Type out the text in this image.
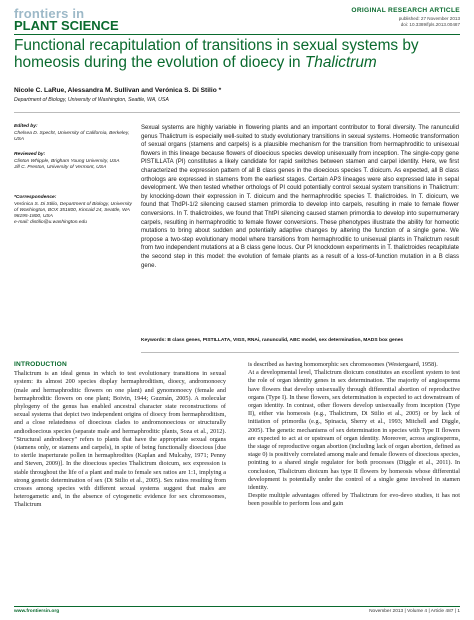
frontiers in
PLANT SCIENCE
ORIGINAL RESEARCH ARTICLE
published: 27 November 2013
doi: 10.3389/fpls.2013.00487
Functional recapitulation of transitions in sexual systems by homeosis during the evolution of dioecy in Thalictrum
Nicole C. LaRue, Alessandra M. Sullivan and Verónica S. Di Stilio *
Department of Biology, University of Washington, Seattle, WA, USA
Edited by:
Chelsea D. Specht, University of California, Berkeley, USA
Reviewed by:
Clinton Whipple, Brigham Young University, USA
Jill C. Preston, University of Vermont, USA
*Correspondence:
Verónica S. Di Stilio, Department of Biology, University of Washington, BOX 351800, Kincaid 24, Seattle, WA 98195-1800, USA
e-mail: distilio@u.washington.edu
Sexual systems are highly variable in flowering plants and an important contributor to floral diversity. The ranunculid genus Thalictrum is especially well-suited to study evolutionary transitions in sexual systems. Homeotic transformation of sexual organs (stamens and carpels) is a plausible mechanism for the transition from hermaphroditic to unisexual flowers in this lineage because flowers of dioecious species develop unisexually from inception. The single-copy gene PISTILLATA (PI) constitutes a likely candidate for rapid switches between stamen and carpel identity. Here, we first characterized the expression pattern of all B class genes in the dioecious species T. dioicum. As expected, all B class orthologs are expressed in stamens from the earliest stages. Certain AP3 lineages were also expressed late in sepal development. We then tested whether orthologs of PI could potentially control sexual system transitions in Thalictrum: by knocking-down their expression in T. dioicum and the hermaphroditic species T. thalictroides. In T. dioicum, we found that ThdPI-1/2 silencing caused stamen primordia to develop into carpels, resulting in male to female flower conversions. In T. thalictroides, we found that ThtPI silencing caused stamen primordia to develop into supernumerary carpels, resulting in hermaphroditic to female flower conversions. These phenotypes illustrate the ability for homeotic mutations to bring about sudden and potentially adaptive changes by altering the function of a single gene. We propose a two-step evolutionary model where transitions from hermaphroditic to unisexual plants in Thalictrum result from two independent mutations at a B class gene locus. Our PI knockdown experiments in T. thalictroides recapitulate the second step in this model: the evolution of female plants as a result of a loss-of-function mutation in a B class gene.
Keywords: B class genes, PISTILLATA, VIGS, RNAi, ranunculid, ABC model, sex determination, MADS box genes
INTRODUCTION

Thalictrum is an ideal genus in which to test evolutionary transitions in sexual system: its almost 200 species display hermaphroditism, dioecy, andromonoecy (male and hermaphroditic flowers on one plant) and gynomonoecy (female and hermaphroditic flowers on one plant; Boivin, 1944; Guzmán, 2005). A molecular phylogeny of the genus has enabled ancestral character state reconstructions of sexual systems that depict two independent origins of dioecy from hermaphroditism, and a close relatedness of dioecious clades to andromonoecious or structurally andiodioecious species (separate male and hermaphroditic plants, Soza et al., 2012). "Structural androdioecy" refers to plants that have the appropriate sexual organs (stamens only, or stamens and carpels), in spite of being functionally dioecious [due to sterile inaperturate pollen in hermaphrodites (Kaplan and Mulcahy, 1971; Penny and Steven, 2009)]. In the dioecious species Thalictrum dioicum, sex expression is stable throughout the life of a plant and male to female sex ratios are 1:1, implying a strong genetic determination of sex (Di Stilio et al., 2005). Sex ratios resulting from crosses among species with different sexual systems suggest that males are heterogametic and, in the absence of cytogenetic evidence for sex chromosomes, Thalictrum

is described as having homomorphic sex chromosomes (Westergaard, 1958).
At a developmental level, Thalictrum dioicum constitutes an excellent system to test the role of organ identity genes in sex determination. The majority of angiosperms have flowers that develop unisexually through differential abortion of reproductive organs (Type I). In these flowers, sex determination is expected to act downstream of organ identity. In contrast, other flowers develop unisexually from inception (Type II), either via homeosis (e.g., Thalictrum, Di Stilio et al., 2005) or by lack of initiation of primordia (e.g., Spinacia, Sherry et al., 1993; Mitchell and Diggle, 2005). The genetic mechanisms of sex determination in species with Type II flowers are expected to act at or upstream of organ identity. Moreover, across angiosperms, the stage of reproductive organ abortion (including lack of organ abortion, defined as stage 0) is positively correlated among male and female flowers of dioecious species, pointing to a shared single regulator for both processes (Diggle et al., 2011). In conclusion, Thalictrum dioicum has type II flowers by homeosis whose differential development is potentially under the control of a single gene involved in stamen identity.
Despite multiple advantages offered by Thalictrum for evo-devo studies, it has not been possible to perform loss and gain

www.frontiersin.org	November 2013 | Volume 4 | Article 487 | 1
